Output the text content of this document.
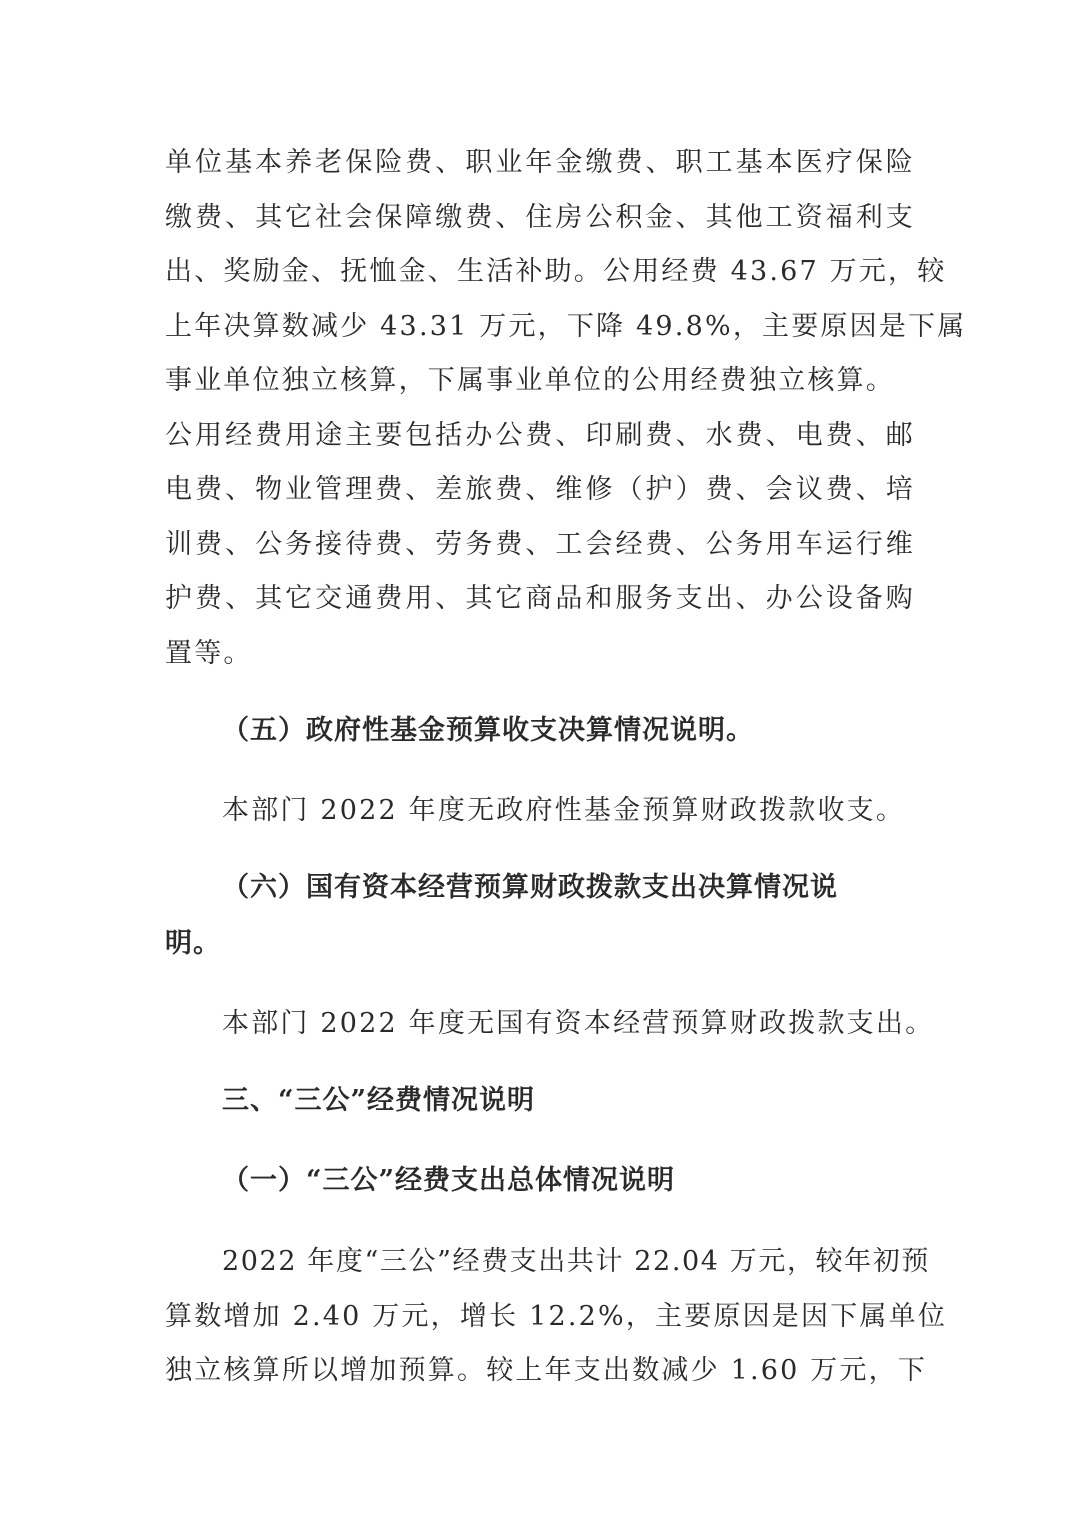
单位基本养老保险费、职业年金缴费、职工基本医疗保险
缴费、其它社会保障缴费、住房公积金、其他工资福利支
出、奖励金、抚恤金、生活补助。公用经费 43.67 万元，较
上年决算数减少 43.31 万元，下降 49.8%，主要原因是下属
事业单位独立核算，下属事业单位的公用经费独立核算。
公用经费用途主要包括办公费、印刷费、水费、电费、邮
电费、物业管理费、差旅费、维修（护）费、会议费、培
训费、公务接待费、劳务费、工会经费、公务用车运行维
护费、其它交通费用、其它商品和服务支出、办公设备购
置等。
（五）政府性基金预算收支决算情况说明。
本部门 2022 年度无政府性基金预算财政拨款收支。
（六）国有资本经营预算财政拨款支出决算情况说
明。
本部门 2022 年度无国有资本经营预算财政拨款支出。
三、“三公”经费情况说明
（一）“三公”经费支出总体情况说明
2022 年度“三公”经费支出共计 22.04 万元，较年初预
算数增加 2.40 万元，增长 12.2%，主要原因是因下属单位
独立核算所以增加预算。较上年支出数减少 1.60 万元，下
